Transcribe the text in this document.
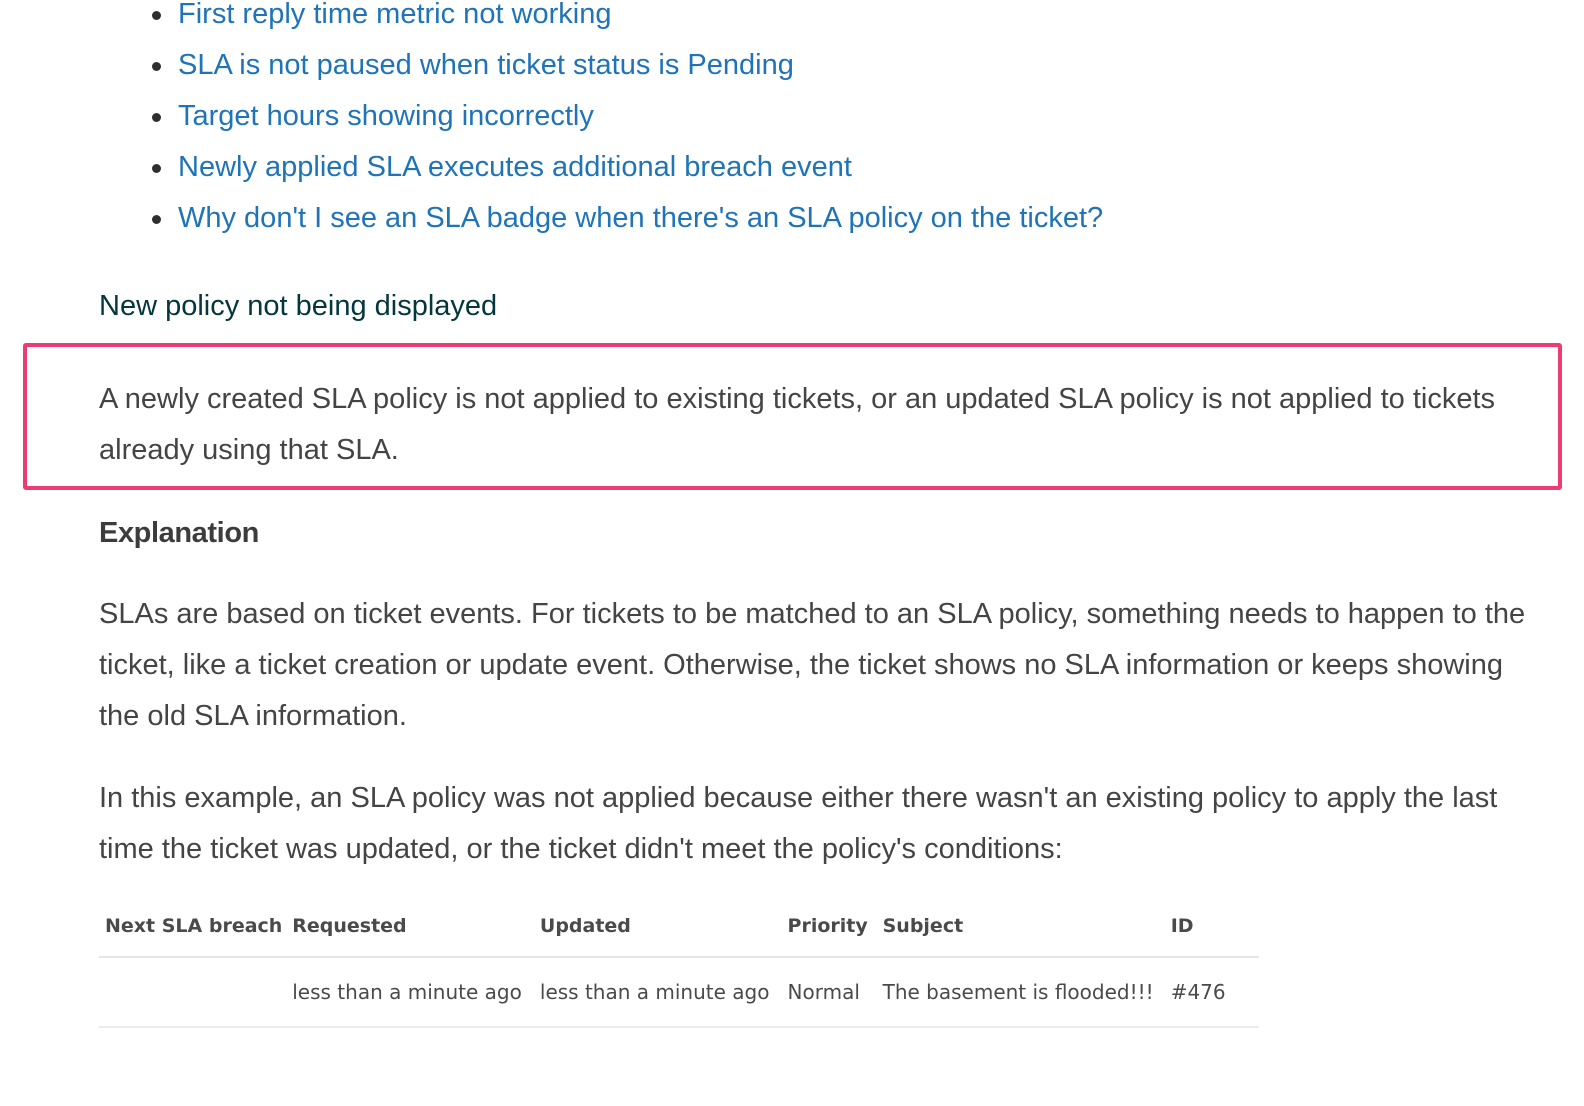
First reply time metric not working
SLA is not paused when ticket status is Pending
Target hours showing incorrectly
Newly applied SLA executes additional breach event
Why don't I see an SLA badge when there's an SLA policy on the ticket?
New policy not being displayed

A newly created SLA policy is not applied to existing tickets, or an updated SLA policy is not applied to tickets already using that SLA.

Explanation

SLAs are based on ticket events. For tickets to be matched to an SLA policy, something needs to happen to the ticket, like a ticket creation or update event. Otherwise, the ticket shows no SLA information or keeps showing the old SLA information.

In this example, an SLA policy was not applied because either there wasn't an existing policy to apply the last time the ticket was updated, or the ticket didn't meet the policy's conditions:

Next SLA breach	Requested	Updated	Priority	Subject	ID
	less than a minute ago	less than a minute ago	Normal	The basement is flooded!!!	#476
